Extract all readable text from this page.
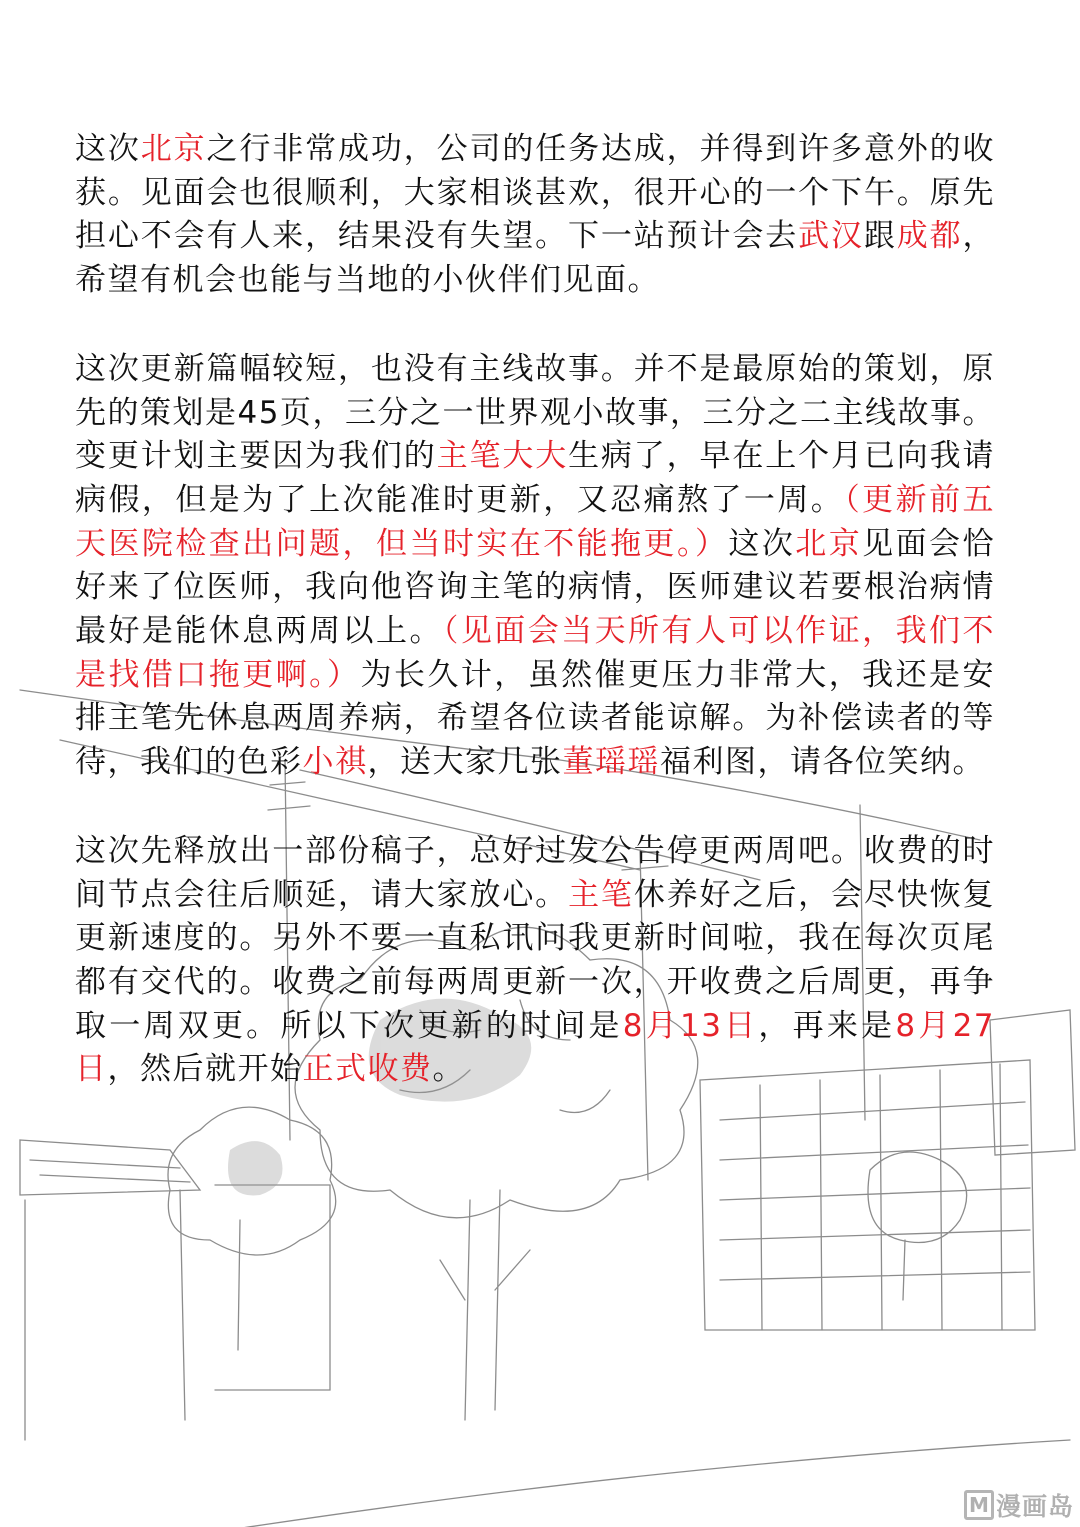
这次北京之行非常成功，公司的任务达成，并得到许多意外的收获。见面会也很顺利，大家相谈甚欢，很开心的一个下午。原先担心不会有人来，结果没有失望。下一站预计会去武汉跟成都，希望有机会也能与当地的小伙伴们见面。

这次更新篇幅较短，也没有主线故事。并不是最原始的策划，原先的策划是45页，三分之一世界观小故事，三分之二主线故事。变更计划主要因为我们的主笔大大生病了，早在上个月已向我请病假，但是为了上次能准时更新，又忍痛熬了一周。（更新前五天医院检查出问题，但当时实在不能拖更。）这次北京见面会恰好来了位医师，我向他咨询主笔的病情，医师建议若要根治病情最好是能休息两周以上。（见面会当天所有人可以作证，我们不是找借口拖更啊。）为长久计，虽然催更压力非常大，我还是安排主笔先休息两周养病，希望各位读者能谅解。为补偿读者的等待，我们的色彩小祺，送大家几张董瑶瑶福利图，请各位笑纳。

这次先释放出一部份稿子，总好过发公告停更两周吧。收费的时间节点会往后顺延，请大家放心。主笔休养好之后，会尽快恢复更新速度的。另外不要一直私讯问我更新时间啦，我在每次页尾都有交代的。收费之前每两周更新一次，开收费之后周更，再争取一周双更。所以下次更新的时间是8月13日，再来是8月27日，然后就开始正式收费。

M 漫画岛
